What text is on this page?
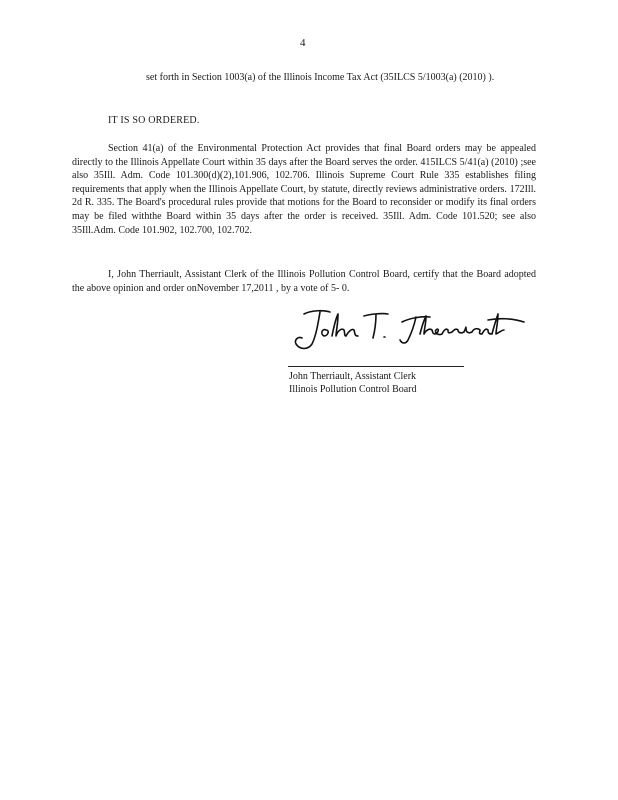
4
set forth in Section 1003(a) of the Illinois Income Tax Act (35ILCS 5/1003(a) (2010) ).
IT IS SO ORDERED.
Section 41(a) of the Environmental Protection Act provides that final Board orders may be appealed directly to the Illinois Appellate Court within 35 days after the Board serves the order. 415ILCS 5/41(a) (2010) ;see also 35Ill. Adm. Code 101.300(d)(2),101.906, 102.706. Illinois Supreme Court Rule 335 establishes filing requirements that apply when the Illinois Appellate Court, by statute, directly reviews administrative orders. 172Ill. 2d R. 335. The Board's procedural rules provide that motions for the Board to reconsider or modify its final orders may be filed withthe Board within 35 days after the order is received. 35Ill. Adm. Code 101.520; see also 35Ill.Adm. Code 101.902, 102.700, 102.702.
I, John Therriault, Assistant Clerk of the Illinois Pollution Control Board, certify that the Board adopted the above opinion and order onNovember 17,2011 , by a vote of 5- 0.
John Therriault, Assistant Clerk
Illinois Pollution Control Board
